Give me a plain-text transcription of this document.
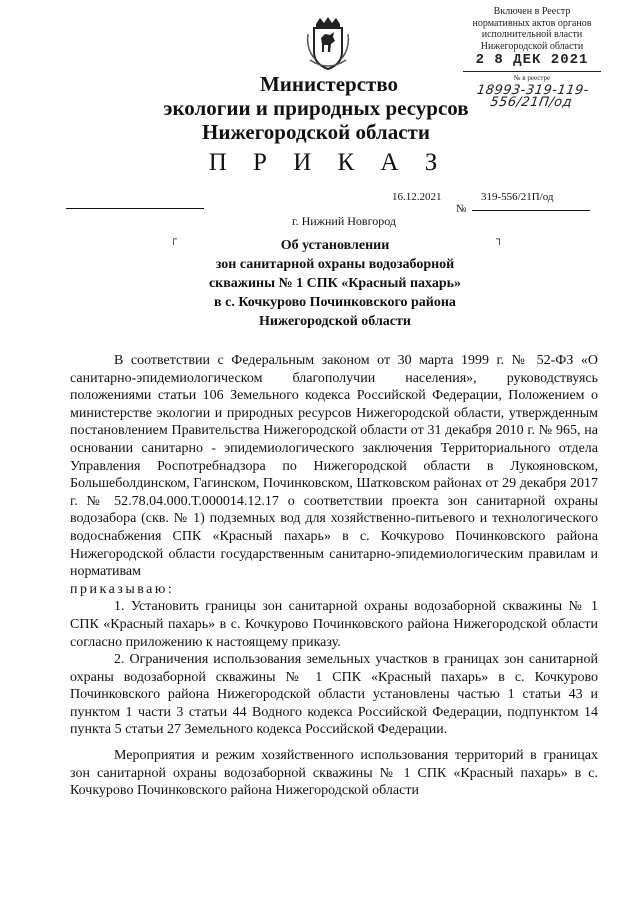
Министерство
экологии и природных ресурсов
Нижегородской области
Включен в Реестр
нормативных актов органов
исполнительной власти
Нижегородской области
2 8 ДЕК 2021
№ в реестре
18993-319-119-556/21П/од
П Р И К А З
16.12.2021	319-556/21П/од
№
г. Нижний Новгород
┌	┐
Об установлении
зон санитарной охраны водозаборной
скважины № 1 СПК «Красный пахарь»
в с. Кочкурово Починковского района
Нижегородской области

В соответствии с Федеральным законом от 30 марта 1999 г. № 52-ФЗ «О санитарно-эпидемиологическом благополучии населения», руководствуясь положениями статьи 106 Земельного кодекса Российской Федерации, Положением о министерстве экологии и природных ресурсов Нижегородской области, утвержденным постановлением Правительства Нижегородской области от 31 декабря 2010 г. № 965, на основании санитарно - эпидемиологического заключения Территориального отдела Управления Роспотребнадзора по Нижегородской области в Лукояновском, Большеболдинском, Гагинском, Починковском, Шатковском районах от 29 декабря 2017 г. № 52.78.04.000.Т.000014.12.17 о соответствии проекта зон санитарной охраны водозабора (скв. № 1) подземных вод для хозяйственно-питьевого и технологического водоснабжения СПК «Красный пахарь» в с. Кочкурово Починковского района Нижегородской области государственным санитарно-эпидемиологическим правилам и нормативам

приказываю:

1. Установить границы зон санитарной охраны водозаборной скважины № 1 СПК «Красный пахарь» в с. Кочкурово Починковского района Нижегородской области согласно приложению к настоящему приказу.

2. Ограничения использования земельных участков в границах зон санитарной охраны водозаборной скважины № 1 СПК «Красный пахарь» в с. Кочкурово Починковского района Нижегородской области установлены частью 1 статьи 43 и пунктом 1 части 3 статьи 44 Водного кодекса Российской Федерации, подпунктом 14 пункта 5 статьи 27 Земельного кодекса Российской Федерации.

Мероприятия и режим хозяйственного использования территорий в границах зон санитарной охраны водозаборной скважины № 1 СПК «Красный пахарь» в с. Кочкурово Починковского района Нижегородской области
